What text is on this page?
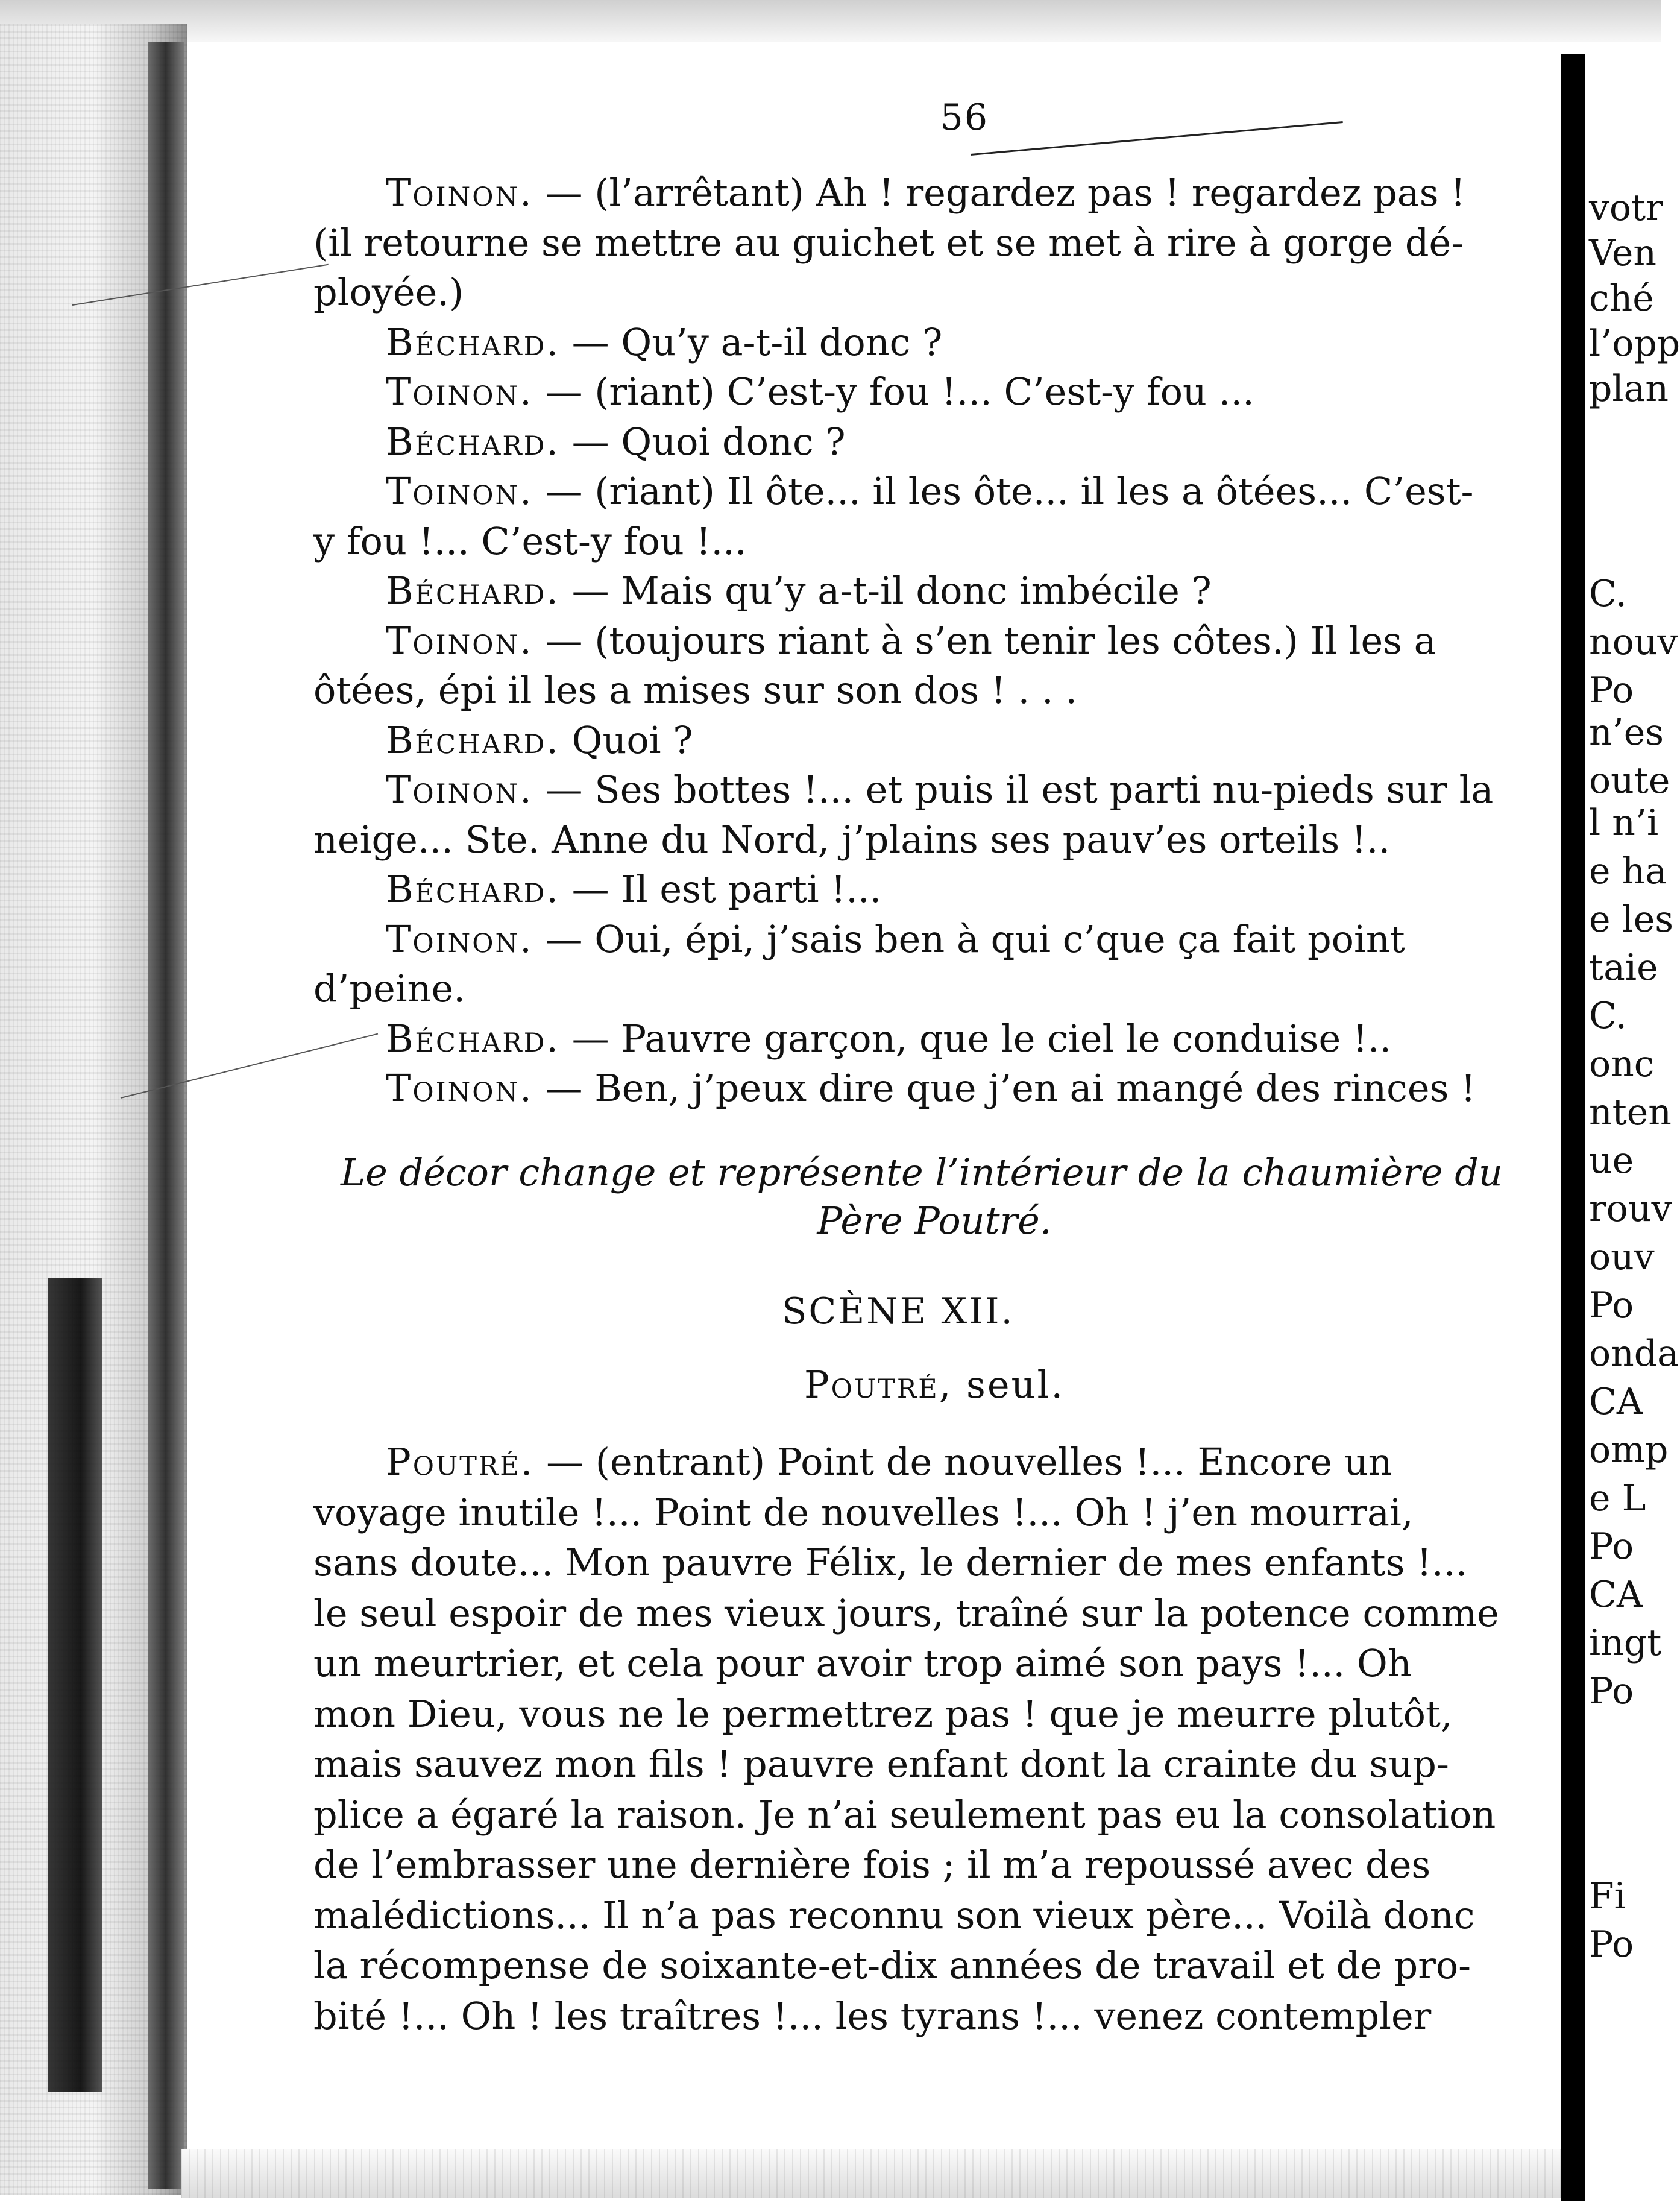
votr
Ven
ché
l’opp
plan
C.
nouv
Po
n’es
oute
l n’i
e ha
e les
taie
C.
onc
nten
ue
rouv
ouv
Po
onda
CA
omp
e L
Po
CA
ingt
Po
Fi
Po
56
Toinon. — (l’arrêtant) Ah ! regardez pas ! regardez pas !
(il retourne se mettre au guichet et se met à rire à gorge dé-
ployée.)
Béchard. — Qu’y a-t-il donc ?
Toinon. — (riant) C’est-y fou !... C’est-y fou ...
Béchard. — Quoi donc ?
Toinon. — (riant) Il ôte... il les ôte... il les a ôtées... C’est-
y fou !... C’est-y fou !...
Béchard. — Mais qu’y a-t-il donc imbécile ?
Toinon. — (toujours riant à s’en tenir les côtes.) Il les a
ôtées, épi il les a mises sur son dos ! . . .
Béchard. Quoi ?
Toinon. — Ses bottes !... et puis il est parti nu-pieds sur la
neige... Ste. Anne du Nord, j’plains ses pauv’es orteils !..
Béchard. — Il est parti !...
Toinon. — Oui, épi, j’sais ben à qui c’que ça fait point
d’peine.
Béchard. — Pauvre garçon, que le ciel le conduise !..
Toinon. — Ben, j’peux dire que j’en ai mangé des rinces !
Le décor change et représente l’intérieur de la chaumière du
Père Poutré.
SCÈNE XII.
Poutré, seul.
Poutré. — (entrant) Point de nouvelles !... Encore un
voyage inutile !... Point de nouvelles !... Oh ! j’en mourrai,
sans doute... Mon pauvre Félix, le dernier de mes enfants !...
le seul espoir de mes vieux jours, traîné sur la potence comme
un meurtrier, et cela pour avoir trop aimé son pays !... Oh
mon Dieu, vous ne le permettrez pas ! que je meurre plutôt,
mais sauvez mon fils ! pauvre enfant dont la crainte du sup-
plice a égaré la raison. Je n’ai seulement pas eu la consolation
de l’embrasser une dernière fois ; il m’a repoussé avec des
malédictions... Il n’a pas reconnu son vieux père... Voilà donc
la récompense de soixante-et-dix années de travail et de pro-
bité !... Oh ! les traîtres !... les tyrans !... venez contempler
